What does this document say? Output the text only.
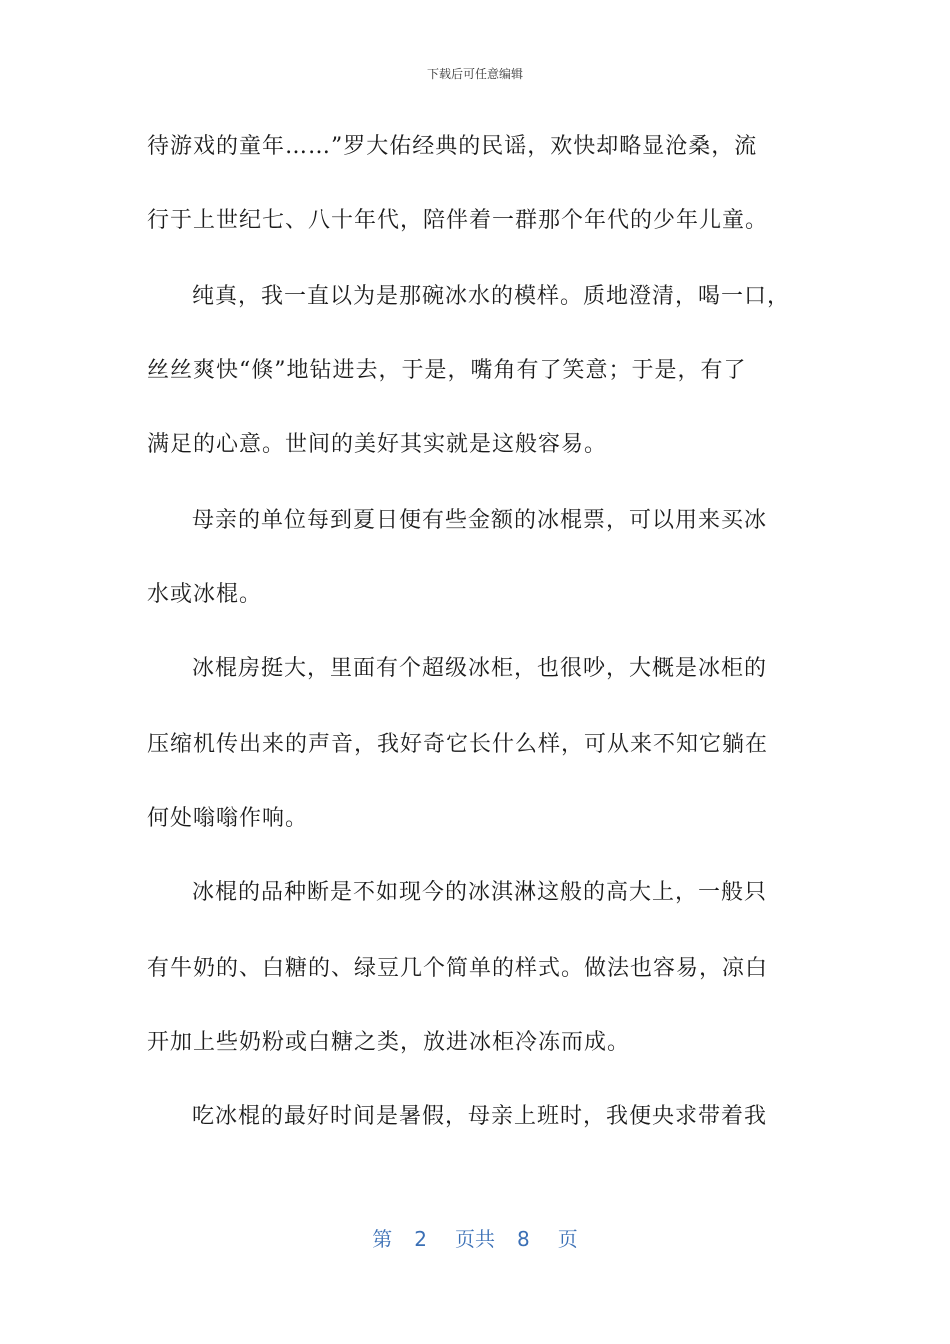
下载后可任意编辑
待游戏的童年……”罗大佑经典的民谣，欢快却略显沧桑，流
行于上世纪七、八十年代，陪伴着一群那个年代的少年儿童。
纯真，我一直以为是那碗冰水的模样。质地澄清，喝一口，
丝丝爽快“倏”地钻进去，于是，嘴角有了笑意；于是，有了
满足的心意。世间的美好其实就是这般容易。
母亲的单位每到夏日便有些金额的冰棍票，可以用来买冰
水或冰棍。
冰棍房挺大，里面有个超级冰柜，也很吵，大概是冰柜的
压缩机传出来的声音，我好奇它长什么样，可从来不知它躺在
何处嗡嗡作响。
冰棍的品种断是不如现今的冰淇淋这般的高大上，一般只
有牛奶的、白糖的、绿豆几个简单的样式。做法也容易，凉白
开加上些奶粉或白糖之类，放进冰柜冷冻而成。
吃冰棍的最好时间是暑假，母亲上班时，我便央求带着我
第 2 页共 8 页
